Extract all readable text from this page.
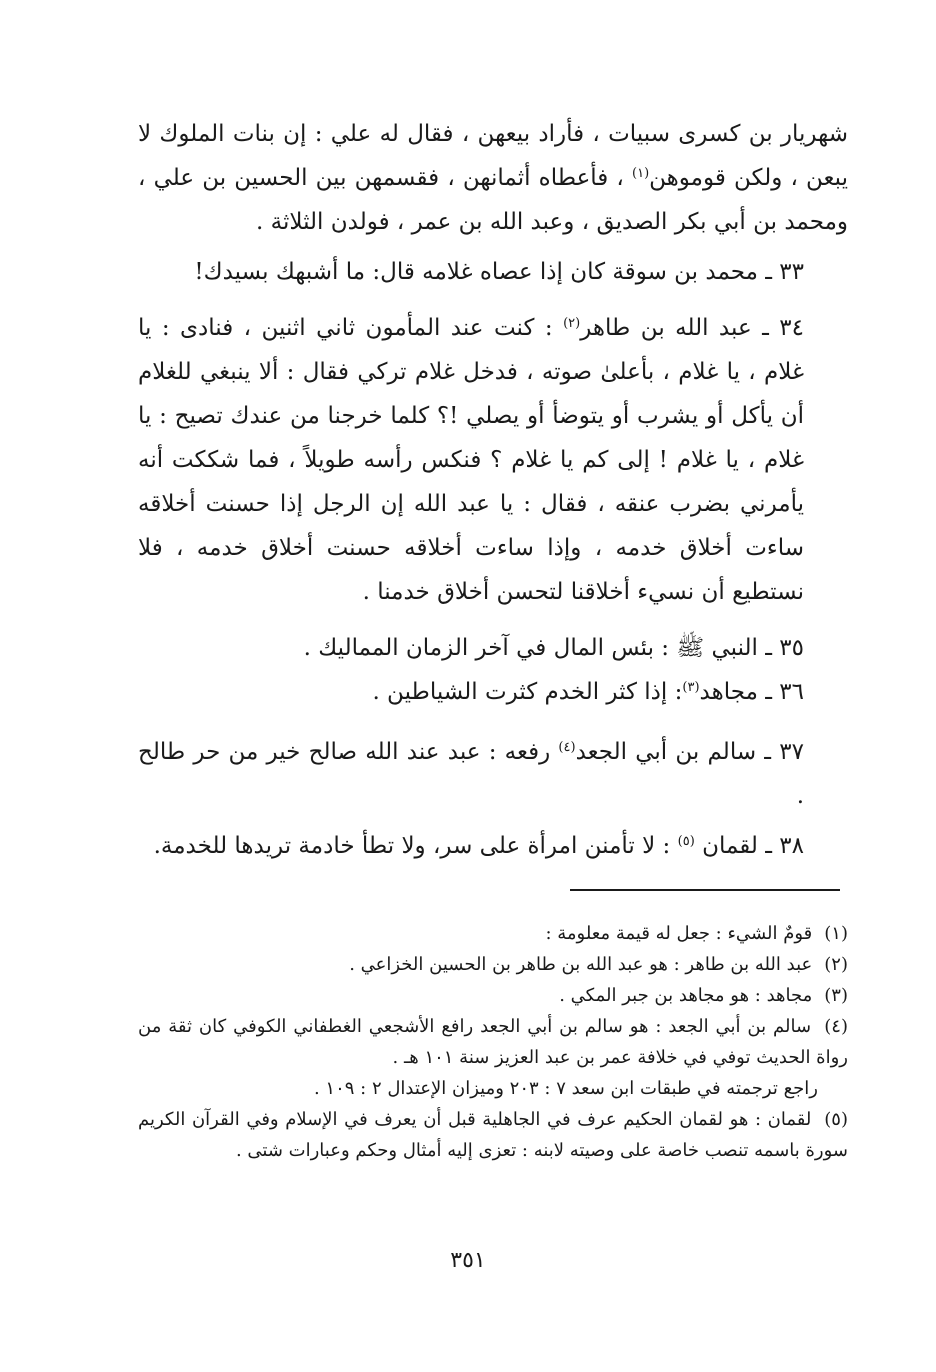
شهريار بن كسرى سبيات ، فأراد بيعهن ، فقال له علي : إن بنات الملوك لا يبعن ، ولكن قوموهن$^{(١)}$ ، فأعطاه أثمانهن ، فقسمهن بين الحسين بن علي ، ومحمد بن أبي بكر الصديق ، وعبد الله بن عمر ، فولدن الثلاثة .

٣٣ ـ محمد بن سوقة كان إذا عصاه غلامه قال: ما أشبهك بسيدك!

٣٤ ـ عبد الله بن طاهر$^{(٢)}$ : كنت عند المأمون ثاني اثنين ، فنادى : يا غلام ، يا غلام ، بأعلىٰ صوته ، فدخل غلام تركي فقال : ألا ينبغي للغلام أن يأكل أو يشرب أو يتوضأ أو يصلي !؟ كلما خرجنا من عندك تصيح : يا غلام ، يا غلام ! إلى كم يا غلام ؟ فنكس رأسه طويلاً ، فما شككت أنه يأمرني بضرب عنقه ، فقال : يا عبد الله إن الرجل إذا حسنت أخلاقه ساءت أخلاق خدمه ، وإذا ساءت أخلاقه حسنت أخلاق خدمه ، فلا نستطيع أن نسيء أخلاقنا لتحسن أخلاق خدمنا .

٣٥ ـ النبي ﷺ : بئس المال في آخر الزمان المماليك .

٣٦ ـ مجاهد$^{(٣)}$: إذا كثر الخدم كثرت الشياطين .

٣٧ ـ سالم بن أبي الجعد$^{(٤)}$ رفعه : عبد عند الله صالح خير من حر طالح .

٣٨ ـ لقمان $^{(٥)}$ : لا تأمنن امرأة على سر، ولا تطأ خادمة تريدها للخدمة.

(١) قومٌ الشيء : جعل له قيمة معلومة :

(٢) عبد الله بن طاهر : هو عبد الله بن طاهر بن الحسين الخزاعي .

(٣) مجاهد : هو مجاهد بن جبر المكي .

(٤) سالم بن أبي الجعد : هو سالم بن أبي الجعد رافع الأشجعي الغطفاني الكوفي كان ثقة من رواة الحديث توفي في خلافة عمر بن عبد العزيز سنة ١٠١ هـ .

راجع ترجمته في طبقات ابن سعد ٧ : ٢٠٣ وميزان الإعتدال ٢ : ١٠٩ .

(٥) لقمان : هو لقمان الحكيم عرف في الجاهلية قبل أن يعرف في الإسلام وفي القرآن الكريم سورة باسمه تنصب خاصة على وصيته لابنه : تعزى إليه أمثال وحكم وعبارات شتى .

٣٥١
